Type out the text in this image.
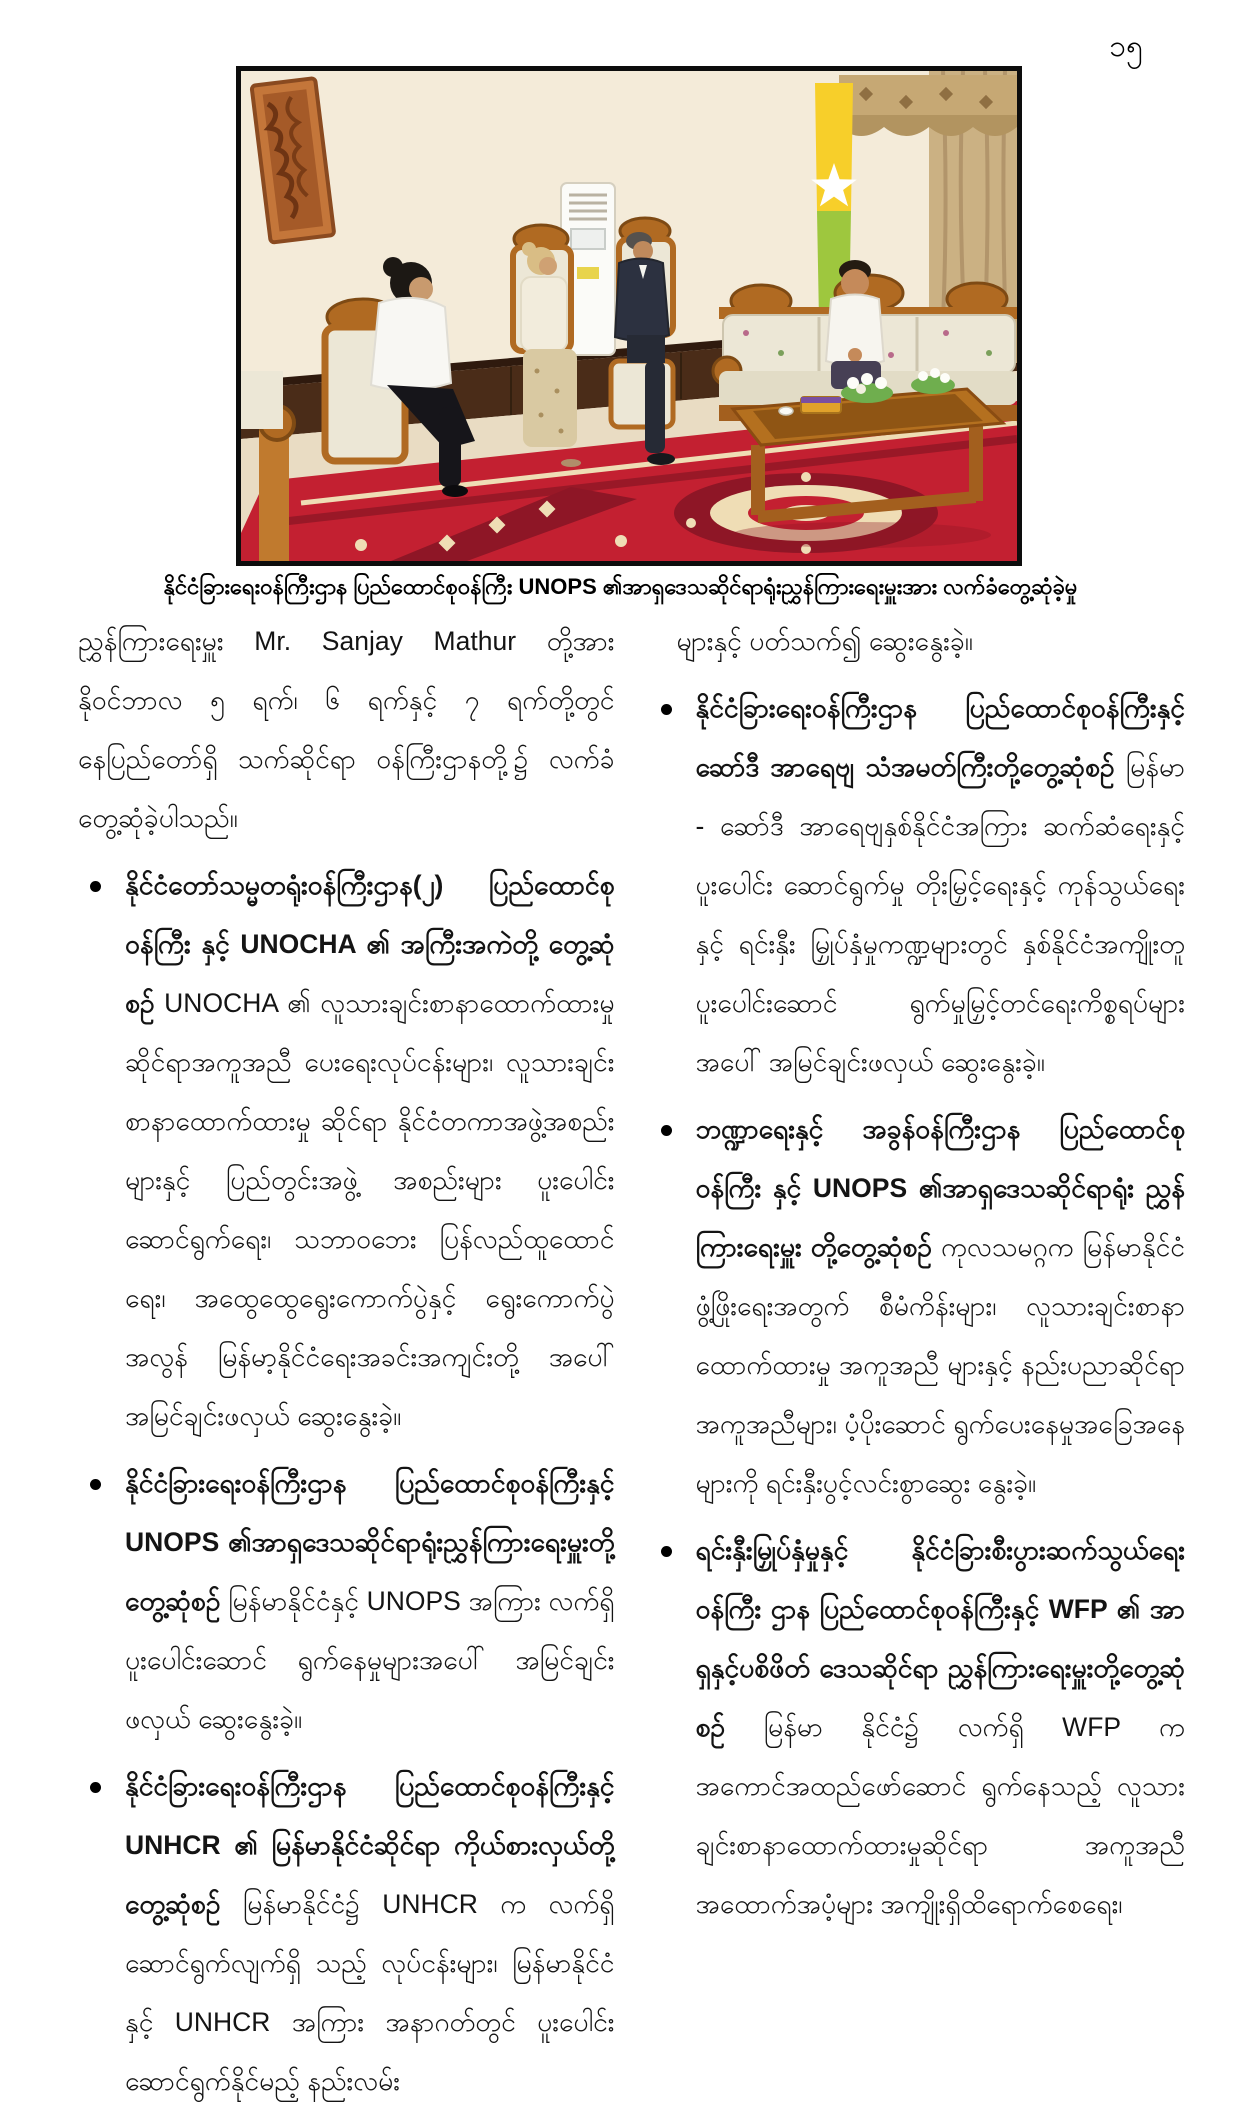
၁၅
နိုင်ငံခြားရေးဝန်ကြီးဌာန ပြည်ထောင်စုဝန်ကြီး UNOPS ၏အာရှဒေသဆိုင်ရာရုံးညွှန်ကြားရေးမှူးအား လက်ခံတွေ့ဆုံခဲ့မှု

ညွှန်ကြားရေးမှူး Mr. Sanjay Mathur တို့အား နိုဝင်ဘာလ ၅ ရက်၊ ၆ ရက်နှင့် ၇ ရက်တို့တွင် နေပြည်တော်ရှိ သက်ဆိုင်ရာ ဝန်ကြီးဌာနတို့၌ လက်ခံတွေ့ဆုံခဲ့ပါသည်။

နိုင်ငံတော်သမ္မတရုံးဝန်ကြီးဌာန(၂) ပြည်ထောင်စုဝန်ကြီး နှင့် UNOCHA ၏ အကြီးအကဲတို့ တွေ့ဆုံစဉ် UNOCHA ၏ လူသားချင်းစာနာထောက်ထားမှုဆိုင်ရာအကူအညီ ပေးရေးလုပ်ငန်းများ၊ လူသားချင်းစာနာထောက်ထားမှု ဆိုင်ရာ နိုင်ငံတကာအဖွဲ့အစည်းများနှင့် ပြည်တွင်းအဖွဲ့ အစည်းများ ပူးပေါင်းဆောင်ရွက်ရေး၊ သဘာဝဘေး ပြန်လည်ထူထောင်ရေး၊ အထွေထွေရွေးကောက်ပွဲနှင့် ရွေးကောက်ပွဲအလွန် မြန်မာ့နိုင်ငံရေးအခင်းအကျင်းတို့ အပေါ် အမြင်ချင်းဖလှယ် ဆွေးနွေးခဲ့။

နိုင်ငံခြားရေးဝန်ကြီးဌာန ပြည်ထောင်စုဝန်ကြီးနှင့် UNOPS ၏အာရှဒေသဆိုင်ရာရုံးညွှန်ကြားရေးမှူးတို့ တွေ့ဆုံစဉ် မြန်မာနိုင်ငံနှင့် UNOPS အကြား လက်ရှိပူးပေါင်းဆောင် ရွက်နေမှုများအပေါ် အမြင်ချင်းဖလှယ် ဆွေးနွေးခဲ့။

နိုင်ငံခြားရေးဝန်ကြီးဌာန ပြည်ထောင်စုဝန်ကြီးနှင့် UNHCR ၏ မြန်မာနိုင်ငံဆိုင်ရာ ကိုယ်စားလှယ်တို့ တွေ့ဆုံစဉ် မြန်မာနိုင်ငံ၌ UNHCR က လက်ရှိဆောင်ရွက်လျက်ရှိ သည့် လုပ်ငန်းများ၊ မြန်မာနိုင်ငံနှင့် UNHCR အကြား အနာဂတ်တွင် ပူးပေါင်းဆောင်ရွက်နိုင်မည့် နည်းလမ်း

များနှင့် ပတ်သက်၍ ဆွေးနွေးခဲ့။

နိုင်ငံခြားရေးဝန်ကြီးဌာန ပြည်ထောင်စုဝန်ကြီးနှင့် ဆော်ဒီ အာရေဗျ သံအမတ်ကြီးတို့တွေ့ဆုံစဉ် မြန်မာ - ဆော်ဒီ အာရေဗျနှစ်နိုင်ငံအကြား ဆက်ဆံရေးနှင့် ပူးပေါင်း ဆောင်ရွက်မှု တိုးမြှင့်ရေးနှင့် ကုန်သွယ်ရေးနှင့် ရင်းနှီး မြှုပ်နှံမှုကဏ္ဍများတွင် နှစ်နိုင်ငံအကျိုးတူပူးပေါင်းဆောင် ရွက်မှုမြှင့်တင်ရေးကိစ္စရပ်များအပေါ် အမြင်ချင်းဖလှယ် ဆွေးနွေးခဲ့။

ဘဏ္ဍာရေးနှင့် အခွန်ဝန်ကြီးဌာန ပြည်ထောင်စုဝန်ကြီး နှင့် UNOPS ၏အာရှဒေသဆိုင်ရာရုံး ညွှန်ကြားရေးမှူး တို့တွေ့ဆုံစဉ် ကုလသမဂ္ဂက မြန်မာနိုင်ငံဖွံ့ဖြိုးရေးအတွက် စီမံကိန်းများ၊ လူသားချင်းစာနာထောက်ထားမှု အကူအညီ များနှင့် နည်းပညာဆိုင်ရာအကူအညီများ၊ ပံ့ပိုးဆောင် ရွက်ပေးနေမှုအခြေအနေများကို ရင်းနှီးပွင့်လင်းစွာဆွေး နွေးခဲ့။

ရင်းနှီးမြှုပ်နှံမှုနှင့် နိုင်ငံခြားစီးပွားဆက်သွယ်ရေးဝန်ကြီး ဌာန ပြည်ထောင်စုဝန်ကြီးနှင့် WFP ၏ အာရှနှင့်ပစိဖိတ် ဒေသဆိုင်ရာ ညွှန်ကြားရေးမှူးတို့တွေ့ဆုံစဉ် မြန်မာ နိုင်ငံ၌ လက်ရှိ WFP က အကောင်အထည်ဖော်ဆောင် ရွက်နေသည့် လူသားချင်းစာနာထောက်ထားမှုဆိုင်ရာ အကူအညီအထောက်အပံ့များ အကျိုးရှိထိရောက်စေရေး၊
